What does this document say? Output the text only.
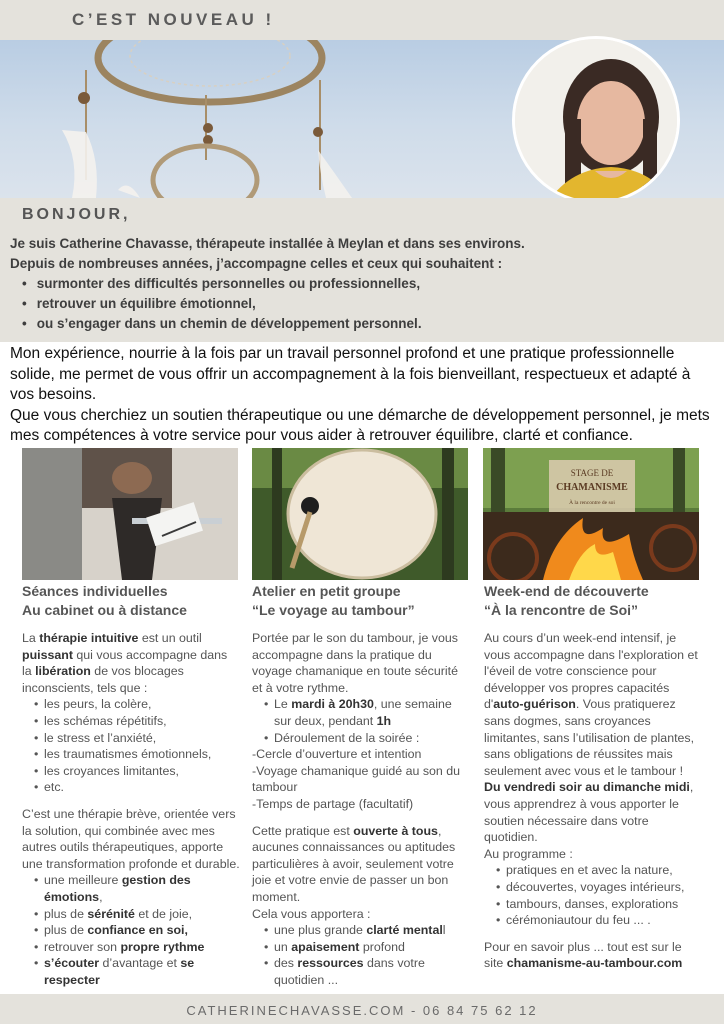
C’EST NOUVEAU !
BONJOUR,
Je suis Catherine Chavasse, thérapeute installée à Meylan et dans ses environs.
Depuis de nombreuses années, j’accompagne celles et ceux qui souhaitent :
• surmonter des difficultés personnelles ou professionnelles,
• retrouver un équilibre émotionnel,
• ou s’engager dans un chemin de développement personnel.
Mon expérience, nourrie à la fois par un travail personnel profond et une pratique professionnelle solide, me permet de vous offrir un accompagnement à la fois bienveillant, respectueux et adapté à vos besoins.
Que vous cherchiez un soutien thérapeutique ou une démarche de développement personnel, je mets mes compétences à votre service pour vous aider à retrouver équilibre, clarté et confiance.
STAGE DE
CHAMANISME
À la rencontre de soi
Séances individuelles
Au cabinet ou à distance
La thérapie intuitive est un outil puissant qui vous accompagne dans la libération de vos blocages inconscients, tels que :
• les peurs, la colère,
• les schémas répétitifs,
• le stress et l’anxiété,
• les traumatismes émotionnels,
• les croyances limitantes,
• etc.
C’est une thérapie brève, orientée vers la solution, qui combinée avec mes autres outils thérapeutiques, apporte une transformation profonde et durable.
• une meilleure gestion des émotions,
• plus de sérénité et de joie,
• plus de confiance en soi,
• retrouver son propre rythme
• s’écouter d’avantage et se respecter
Atelier en petit groupe
“Le voyage au tambour”
Portée par le son du tambour, je vous accompagne dans la pratique du voyage chamanique en toute sécurité et à votre rythme.
• Le mardi à 20h30, une semaine sur deux, pendant 1h
• Déroulement de la soirée :
-Cercle d’ouverture et intention
-Voyage chamanique guidé au son du tambour
-Temps de partage (facultatif)
Cette pratique est ouverte à tous, aucunes connaissances ou aptitudes particulières à avoir, seulement votre joie et votre envie de passer un bon moment.
Cela vous apportera :
• une plus grande clarté mentall
• un apaisement profond
• des ressources dans votre quotidien ...
Week-end de découverte
“À la rencontre de Soi”
Au cours d’un week-end intensif, je vous accompagne dans l'exploration et l'éveil de votre conscience pour développer vos propres capacités d'auto-guérison. Vous pratiquerez sans dogmes, sans croyances limitantes, sans l’utilisation de plantes, sans obligations de réussites mais seulement avec vous et le tambour !
Du vendredi soir au dimanche midi, vous apprendrez à vous apporter le soutien nécessaire dans votre quotidien.
Au programme :
• pratiques en et avec la nature,
• découvertes, voyages intérieurs,
• tambours, danses, explorations
• cérémoniautour du feu ... .
Pour en savoir plus ... tout est sur le site chamanisme-au-tambour.com
CATHERINECHAVASSE.COM - 06 84 75 62 12
